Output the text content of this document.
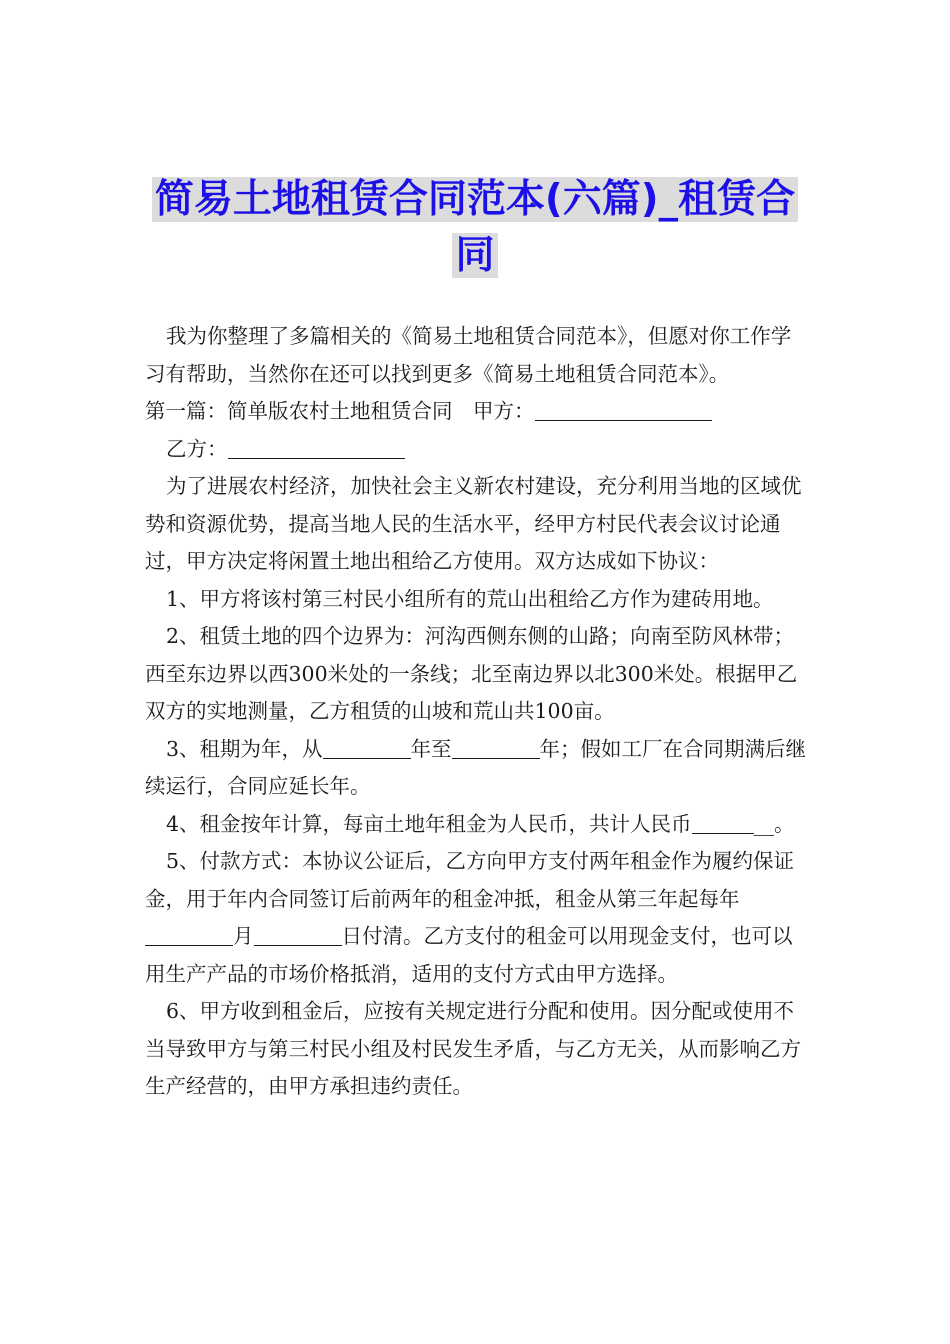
简易土地租赁合同范本(六篇)_租赁合
同

我为你整理了多篇相关的《简易土地租赁合同范本》，但愿对你工作学习有帮助，当然你在还可以找到更多《简易土地租赁合同范本》。

第一篇：简单版农村土地租赁合同  甲方：

乙方：

为了进展农村经济，加快社会主义新农村建设，充分利用当地的区域优势和资源优势，提高当地人民的生活水平，经甲方村民代表会议讨论通过，甲方决定将闲置土地出租给乙方使用。双方达成如下协议：

1、甲方将该村第三村民小组所有的荒山出租给乙方作为建砖用地。

2、租赁土地的四个边界为：河沟西侧东侧的山路；向南至防风林带；西至东边界以西300米处的一条线；北至南边界以北300米处。根据甲乙双方的实地测量，乙方租赁的山坡和荒山共100亩。

3、租期为年，从	年至	年；假如工厂在合同期满后继续运行，合同应延长年。

4、租金按年计算，每亩土地年租金为人民币，共计人民币	__。

5、付款方式：本协议公证后，乙方向甲方支付两年租金作为履约保证金，用于年内合同签订后前两年的租金冲抵，租金从第三年起每年月	日付清。乙方支付的租金可以用现金支付，也可以用生产产品的市场价格抵消，适用的支付方式由甲方选择。

6、甲方收到租金后，应按有关规定进行分配和使用。因分配或使用不当导致甲方与第三村民小组及村民发生矛盾，与乙方无关，从而影响乙方生产经营的，由甲方承担违约责任。
